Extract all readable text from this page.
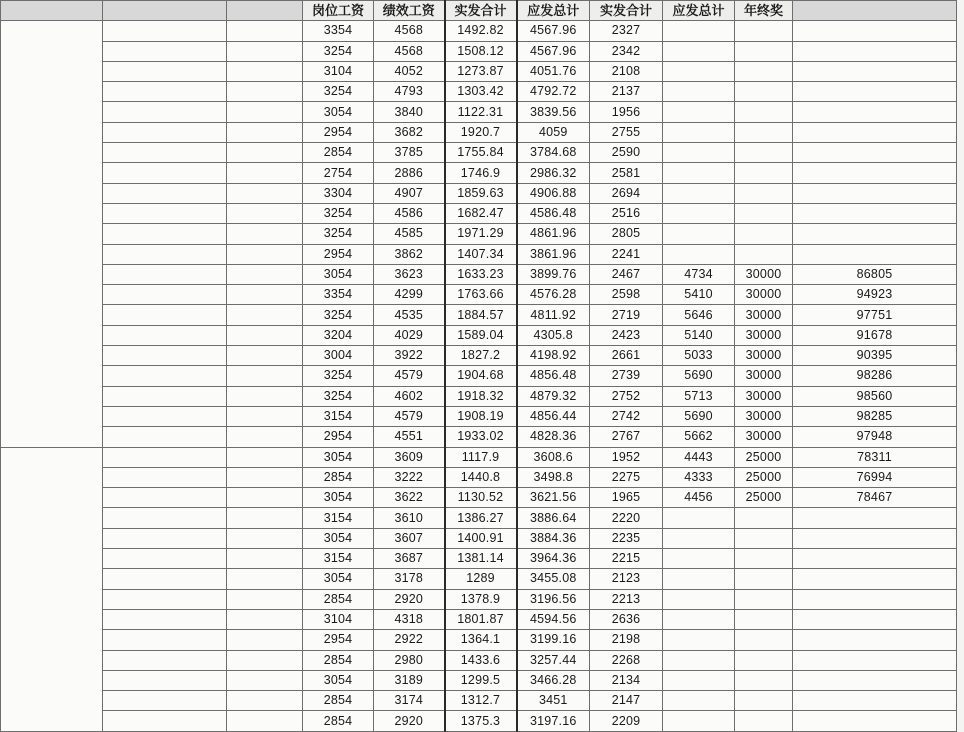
			岗位工资	绩效工资	实发合计	应发总计	实发合计	应发总计	年终奖	
			3354	4568	1492.82	4567.96	2327			
			3254	4568	1508.12	4567.96	2342			
			3104	4052	1273.87	4051.76	2108			
			3254	4793	1303.42	4792.72	2137			
			3054	3840	1122.31	3839.56	1956			
			2954	3682	1920.7	4059	2755			
			2854	3785	1755.84	3784.68	2590			
			2754	2886	1746.9	2986.32	2581			
			3304	4907	1859.63	4906.88	2694			
			3254	4586	1682.47	4586.48	2516			
			3254	4585	1971.29	4861.96	2805			
			2954	3862	1407.34	3861.96	2241			
			3054	3623	1633.23	3899.76	2467	4734	30000	86805
			3354	4299	1763.66	4576.28	2598	5410	30000	94923
			3254	4535	1884.57	4811.92	2719	5646	30000	97751
			3204	4029	1589.04	4305.8	2423	5140	30000	91678
			3004	3922	1827.2	4198.92	2661	5033	30000	90395
			3254	4579	1904.68	4856.48	2739	5690	30000	98286
			3254	4602	1918.32	4879.32	2752	5713	30000	98560
			3154	4579	1908.19	4856.44	2742	5690	30000	98285
			2954	4551	1933.02	4828.36	2767	5662	30000	97948
			3054	3609	1117.9	3608.6	1952	4443	25000	78311
			2854	3222	1440.8	3498.8	2275	4333	25000	76994
			3054	3622	1130.52	3621.56	1965	4456	25000	78467
			3154	3610	1386.27	3886.64	2220			
			3054	3607	1400.91	3884.36	2235			
			3154	3687	1381.14	3964.36	2215			
			3054	3178	1289	3455.08	2123			
			2854	2920	1378.9	3196.56	2213			
			3104	4318	1801.87	4594.56	2636			
			2954	2922	1364.1	3199.16	2198			
			2854	2980	1433.6	3257.44	2268			
			3054	3189	1299.5	3466.28	2134			
			2854	3174	1312.7	3451	2147			
			2854	2920	1375.3	3197.16	2209			
